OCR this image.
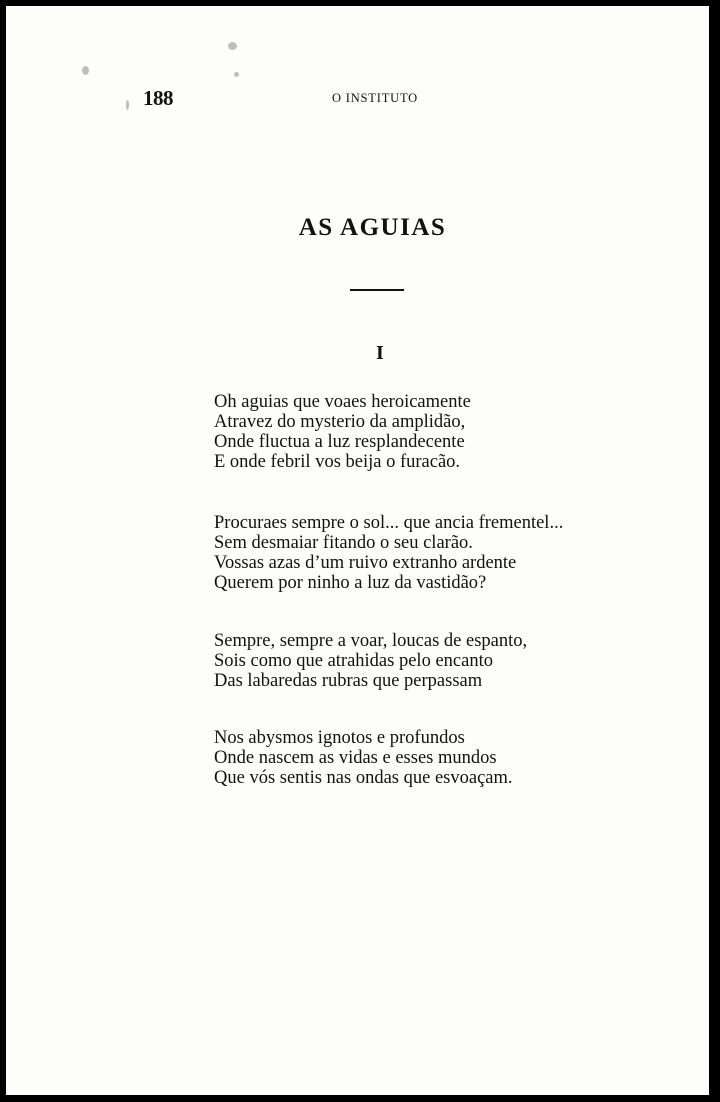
188	O INSTITUTO
AS AGUIAS
I
Oh aguias que voaes heroicamente
Atravez do mysterio da amplidão,
Onde fluctua a luz resplandecente
E onde febril vos beija o furacão.
Procuraes sempre o sol... que ancia frementel...
Sem desmaiar fitando o seu clarão.
Vossas azas d’um ruivo extranho ardente
Querem por ninho a luz da vastidão?
Sempre, sempre a voar, loucas de espanto,
Sois como que atrahidas pelo encanto
Das labaredas rubras que perpassam
Nos abysmos ignotos e profundos
Onde nascem as vidas e esses mundos
Que vós sentis nas ondas que esvoaçam.
